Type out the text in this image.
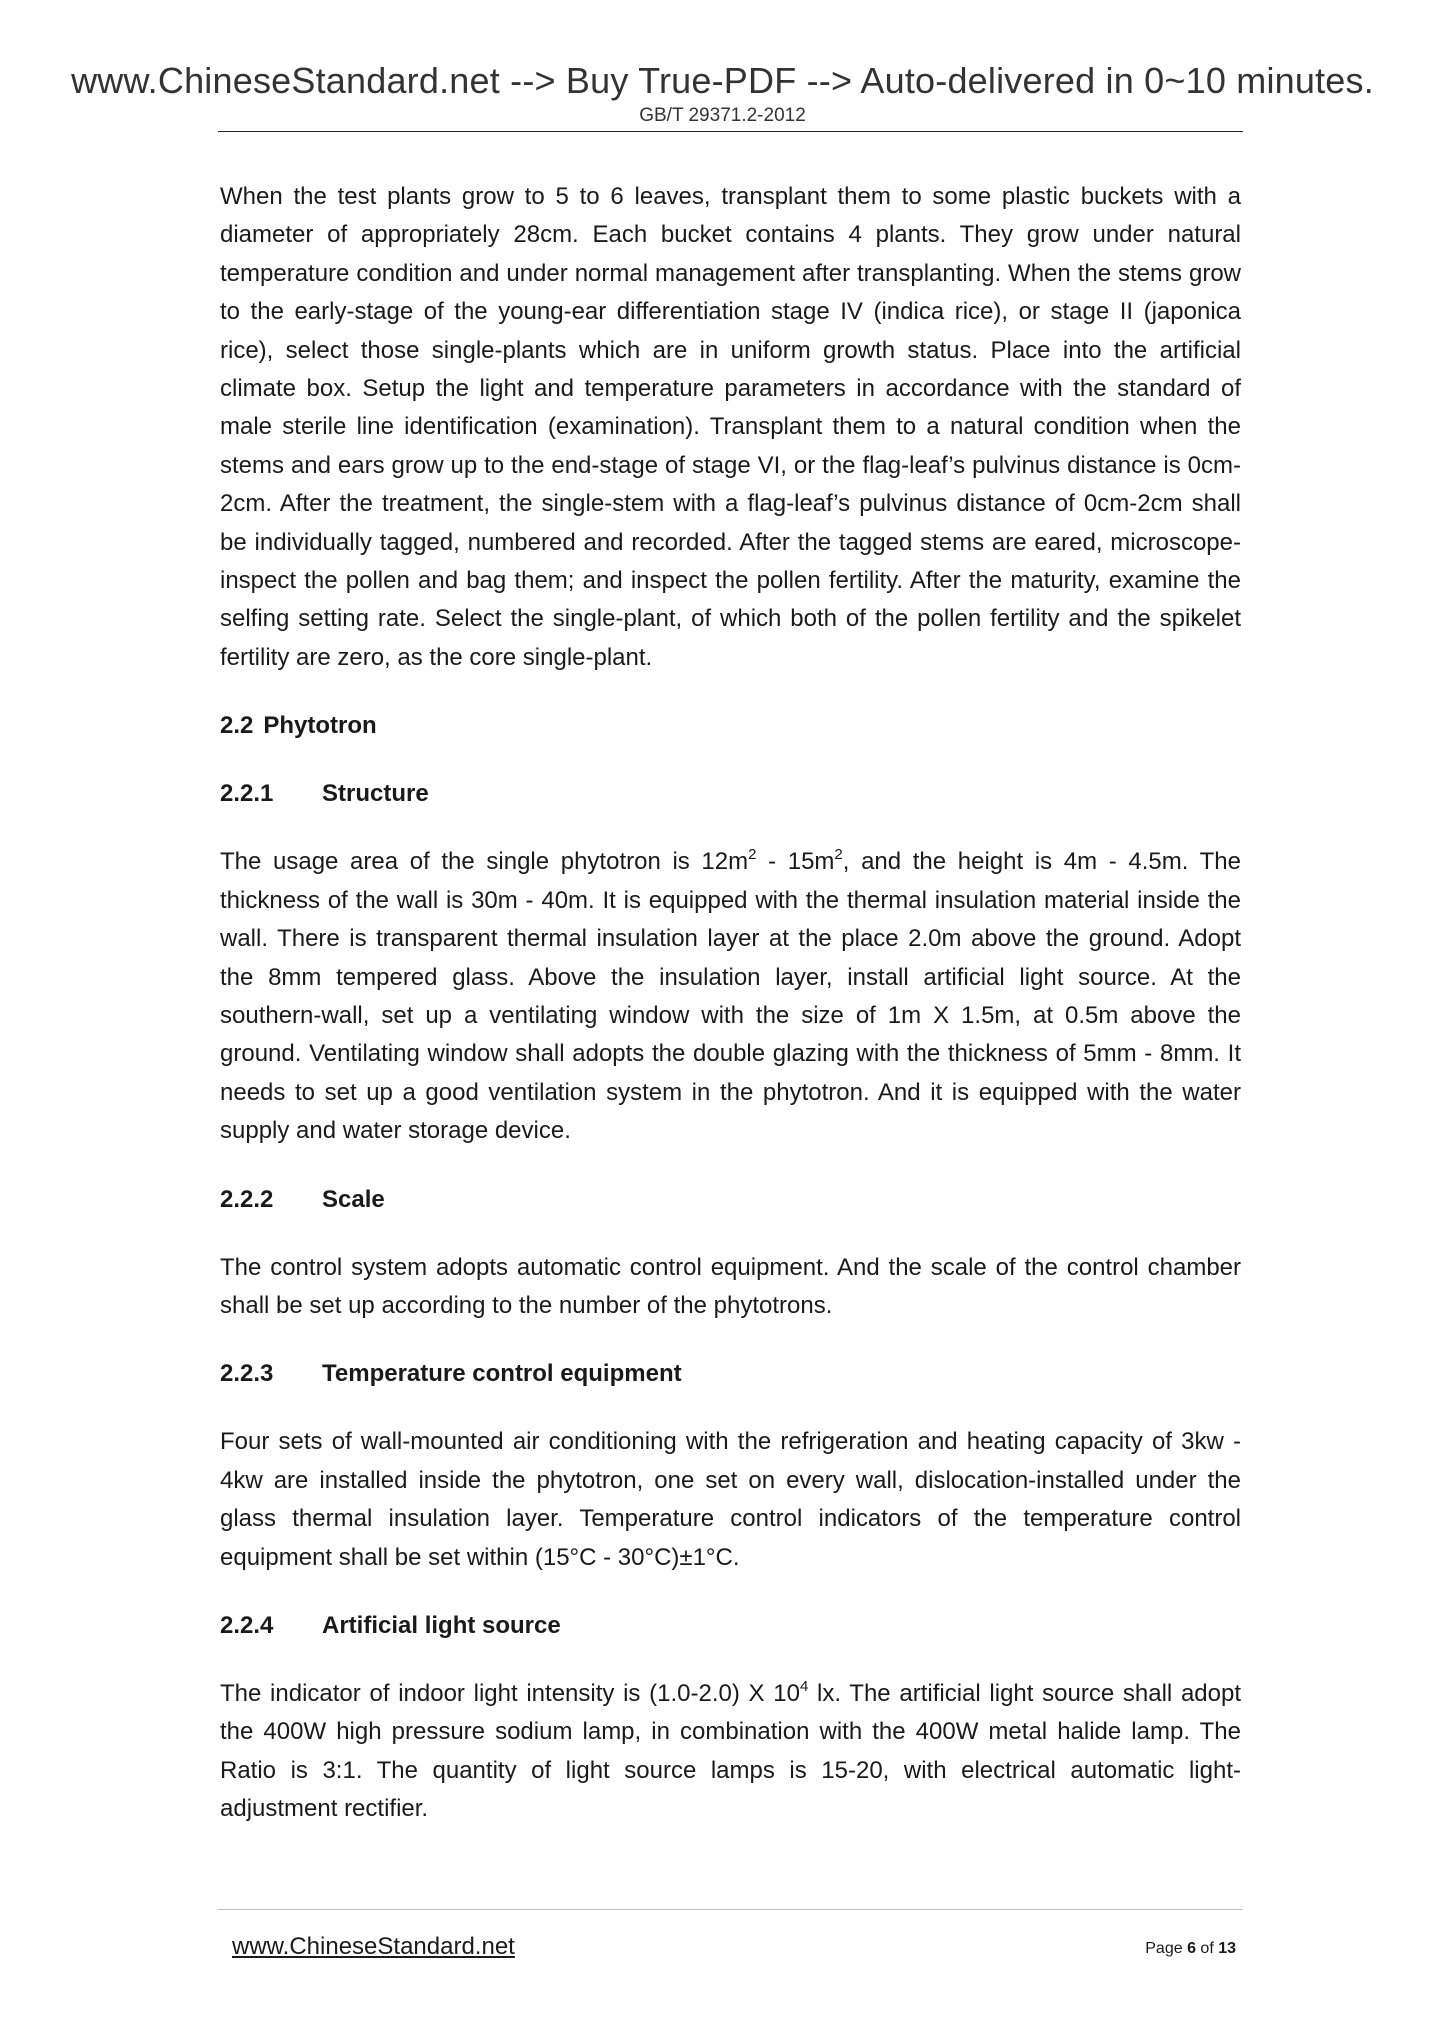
www.ChineseStandard.net --> Buy True-PDF --> Auto-delivered in 0~10 minutes.
GB/T 29371.2-2012

When the test plants grow to 5 to 6 leaves, transplant them to some plastic buckets with a diameter of appropriately 28cm. Each bucket contains 4 plants. They grow under natural temperature condition and under normal management after transplanting. When the stems grow to the early-stage of the young-ear differentiation stage IV (indica rice), or stage II (japonica rice), select those single-plants which are in uniform growth status. Place into the artificial climate box. Setup the light and temperature parameters in accordance with the standard of male sterile line identification (examination). Transplant them to a natural condition when the stems and ears grow up to the end-stage of stage VI, or the flag-leaf’s pulvinus distance is 0cm-2cm. After the treatment, the single-stem with a flag-leaf’s pulvinus distance of 0cm-2cm shall be individually tagged, numbered and recorded. After the tagged stems are eared, microscope-inspect the pollen and bag them; and inspect the pollen fertility. After the maturity, examine the selfing setting rate. Select the single-plant, of which both of the pollen fertility and the spikelet fertility are zero, as the core single-plant.

2.2 Phytotron
2.2.1 Structure

The usage area of the single phytotron is $12m^2 - 15m^2$, and the height is 4m - 4.5m. The thickness of the wall is 30m - 40m. It is equipped with the thermal insulation material inside the wall. There is transparent thermal insulation layer at the place 2.0m above the ground. Adopt the 8mm tempered glass. Above the insulation layer, install artificial light source. At the southern-wall, set up a ventilating window with the size of 1m X 1.5m, at 0.5m above the ground. Ventilating window shall adopts the double glazing with the thickness of 5mm - 8mm. It needs to set up a good ventilation system in the phytotron. And it is equipped with the water supply and water storage device.

2.2.2 Scale

The control system adopts automatic control equipment. And the scale of the control chamber shall be set up according to the number of the phytotrons.

2.2.3 Temperature control equipment

Four sets of wall-mounted air conditioning with the refrigeration and heating capacity of 3kw - 4kw are installed inside the phytotron, one set on every wall, dislocation-installed under the glass thermal insulation layer. Temperature control indicators of the temperature control equipment shall be set within (15°C - 30°C)±1°C.

2.2.4 Artificial light source

The indicator of indoor light intensity is (1.0-2.0) X $10^4$ lx. The artificial light source shall adopt the 400W high pressure sodium lamp, in combination with the 400W metal halide lamp. The Ratio is 3:1. The quantity of light source lamps is 15-20, with electrical automatic light-adjustment rectifier.

www.ChineseStandard.net	Page 6 of 13
